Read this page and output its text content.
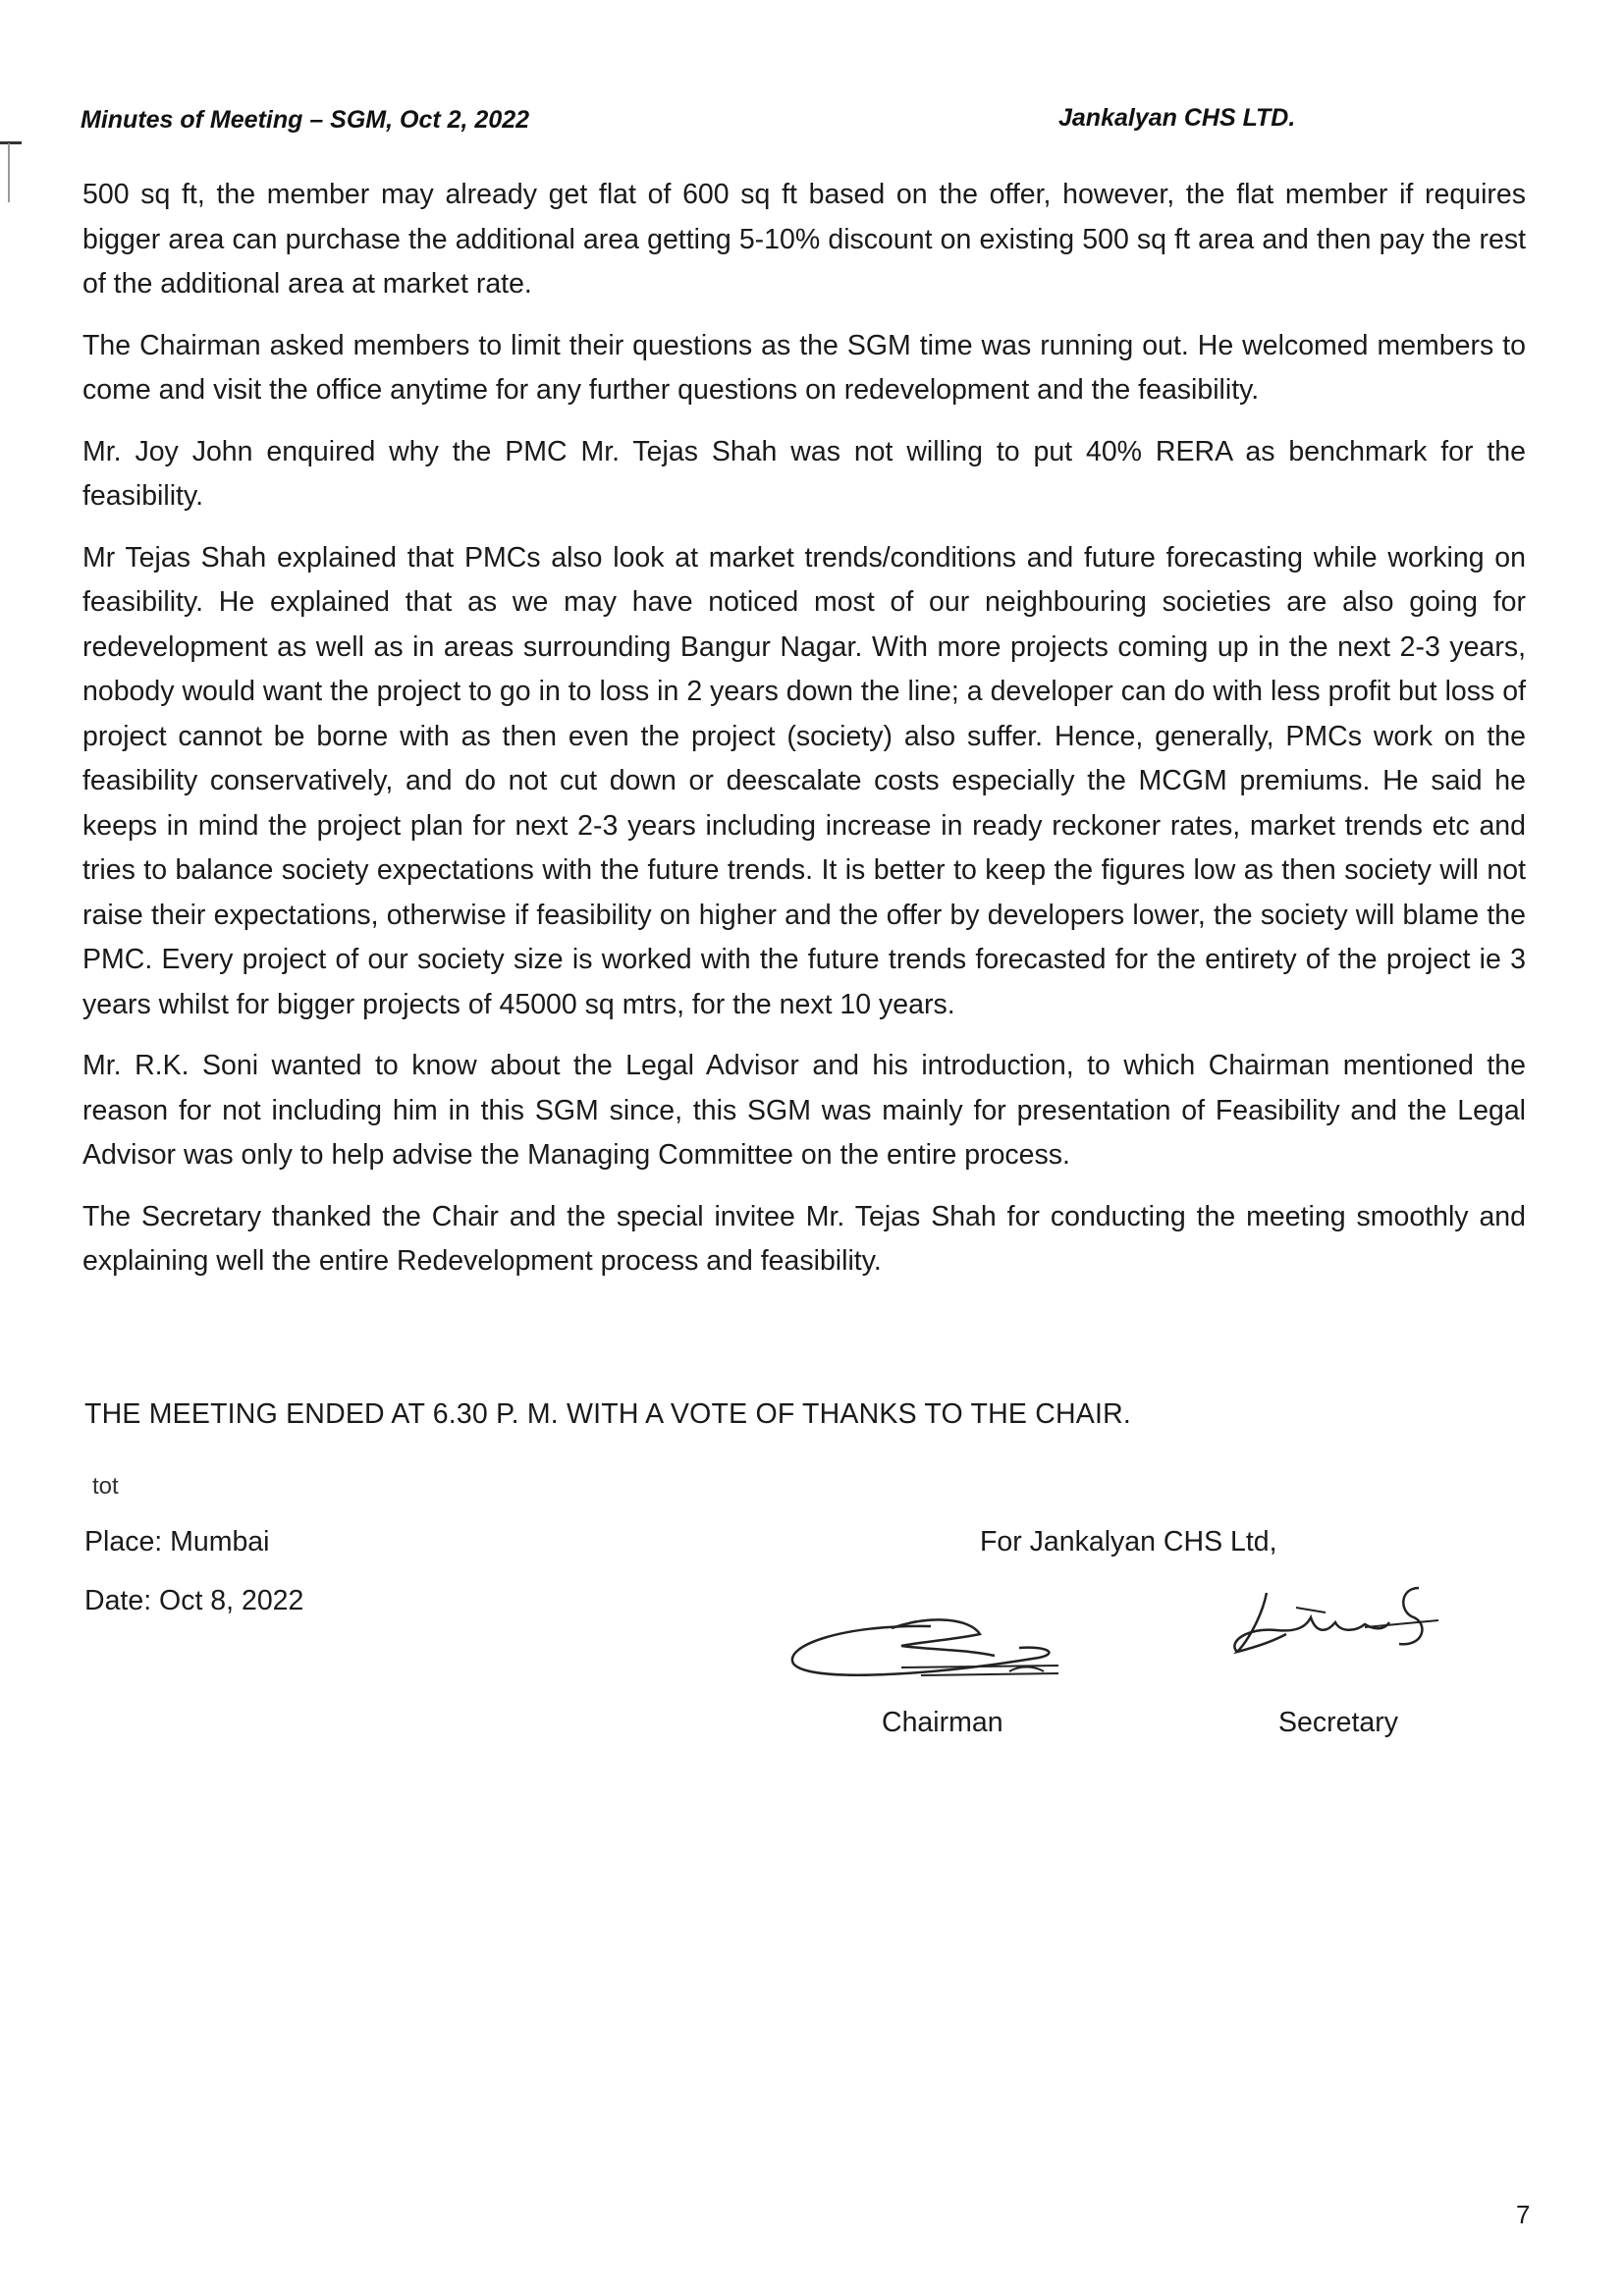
Minutes of Meeting – SGM, Oct 2, 2022	Jankalyan CHS LTD.

500 sq ft, the member may already get flat of 600 sq ft based on the offer, however, the flat member if requires bigger area can purchase the additional area getting 5-10% discount on existing 500 sq ft area and then pay the rest of the additional area at market rate.

The Chairman asked members to limit their questions as the SGM time was running out. He welcomed members to come and visit the office anytime for any further questions on redevelopment and the feasibility.

Mr. Joy John enquired why the PMC Mr. Tejas Shah was not willing to put 40% RERA as benchmark for the feasibility.

Mr Tejas Shah explained that PMCs also look at market trends/conditions and future forecasting while working on feasibility. He explained that as we may have noticed most of our neighbouring societies are also going for redevelopment as well as in areas surrounding Bangur Nagar. With more projects coming up in the next 2-3 years, nobody would want the project to go in to loss in 2 years down the line; a developer can do with less profit but loss of project cannot be borne with as then even the project (society) also suffer. Hence, generally, PMCs work on the feasibility conservatively, and do not cut down or deescalate costs especially the MCGM premiums. He said he keeps in mind the project plan for next 2-3 years including increase in ready reckoner rates, market trends etc and tries to balance society expectations with the future trends. It is better to keep the figures low as then society will not raise their expectations, otherwise if feasibility on higher and the offer by developers lower, the society will blame the PMC. Every project of our society size is worked with the future trends forecasted for the entirety of the project ie 3 years whilst for bigger projects of 45000 sq mtrs, for the next 10 years.

Mr. R.K. Soni wanted to know about the Legal Advisor and his introduction, to which Chairman mentioned the reason for not including him in this SGM since, this SGM was mainly for presentation of Feasibility and the Legal Advisor was only to help advise the Managing Committee on the entire process.

The Secretary thanked the Chair and the special invitee Mr. Tejas Shah for conducting the meeting smoothly and explaining well the entire Redevelopment process and feasibility.

THE MEETING ENDED AT 6.30 P. M. WITH A VOTE OF THANKS TO THE CHAIR.
tot
Place: Mumbai
Date: Oct 8, 2022
For Jankalyan CHS Ltd,
Chairman	Secretary
7
